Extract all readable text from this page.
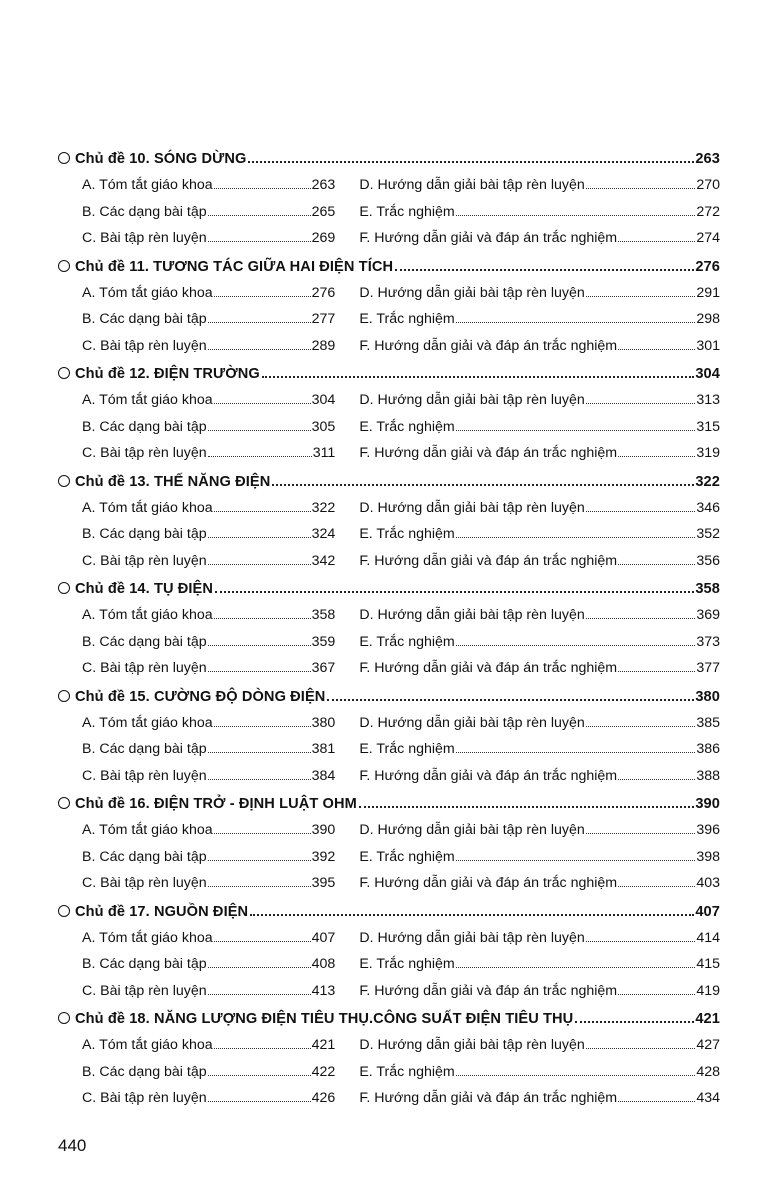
Chủ đề 10. SÓNG DỪNG	263
A. Tóm tắt giáo khoa	263 D. Hướng dẫn giải bài tập rèn luyện	270
B. Các dạng bài tập	265 E. Trắc nghiệm	272
C. Bài tập rèn luyện	269 F. Hướng dẫn giải và đáp án trắc nghiệm	274
Chủ đề 11. TƯƠNG TÁC GIỮA HAI ĐIỆN TÍCH	276
A. Tóm tắt giáo khoa	276 D. Hướng dẫn giải bài tập rèn luyện	291
B. Các dạng bài tập	277 E. Trắc nghiệm	298
C. Bài tập rèn luyện	289 F. Hướng dẫn giải và đáp án trắc nghiệm	301
Chủ đề 12. ĐIỆN TRƯỜNG	304
A. Tóm tắt giáo khoa	304 D. Hướng dẫn giải bài tập rèn luyện	313
B. Các dạng bài tập	305 E. Trắc nghiệm	315
C. Bài tập rèn luyện	311 F. Hướng dẫn giải và đáp án trắc nghiệm	319
Chủ đề 13. THẾ NĂNG ĐIỆN	322
A. Tóm tắt giáo khoa	322 D. Hướng dẫn giải bài tập rèn luyện	346
B. Các dạng bài tập	324 E. Trắc nghiệm	352
C. Bài tập rèn luyện	342 F. Hướng dẫn giải và đáp án trắc nghiệm	356
Chủ đề 14. TỤ ĐIỆN	358
A. Tóm tắt giáo khoa	358 D. Hướng dẫn giải bài tập rèn luyện	369
B. Các dạng bài tập	359 E. Trắc nghiệm	373
C. Bài tập rèn luyện	367 F. Hướng dẫn giải và đáp án trắc nghiệm	377
Chủ đề 15. CƯỜNG ĐỘ DÒNG ĐIỆN	380
A. Tóm tắt giáo khoa	380 D. Hướng dẫn giải bài tập rèn luyện	385
B. Các dạng bài tập	381 E. Trắc nghiệm	386
C. Bài tập rèn luyện	384 F. Hướng dẫn giải và đáp án trắc nghiệm	388
Chủ đề 16. ĐIỆN TRỞ - ĐỊNH LUẬT OHM	390
A. Tóm tắt giáo khoa	390 D. Hướng dẫn giải bài tập rèn luyện	396
B. Các dạng bài tập	392 E. Trắc nghiệm	398
C. Bài tập rèn luyện	395 F. Hướng dẫn giải và đáp án trắc nghiệm	403
Chủ đề 17. NGUỒN ĐIỆN	407
A. Tóm tắt giáo khoa	407 D. Hướng dẫn giải bài tập rèn luyện	414
B. Các dạng bài tập	408 E. Trắc nghiệm	415
C. Bài tập rèn luyện	413 F. Hướng dẫn giải và đáp án trắc nghiệm	419
Chủ đề 18. NĂNG LƯỢNG ĐIỆN TIÊU THỤ.CÔNG SUẤT ĐIỆN TIÊU THỤ	421
A. Tóm tắt giáo khoa	421 D. Hướng dẫn giải bài tập rèn luyện	427
B. Các dạng bài tập	422 E. Trắc nghiệm	428
C. Bài tập rèn luyện	426 F. Hướng dẫn giải và đáp án trắc nghiệm	434
440
